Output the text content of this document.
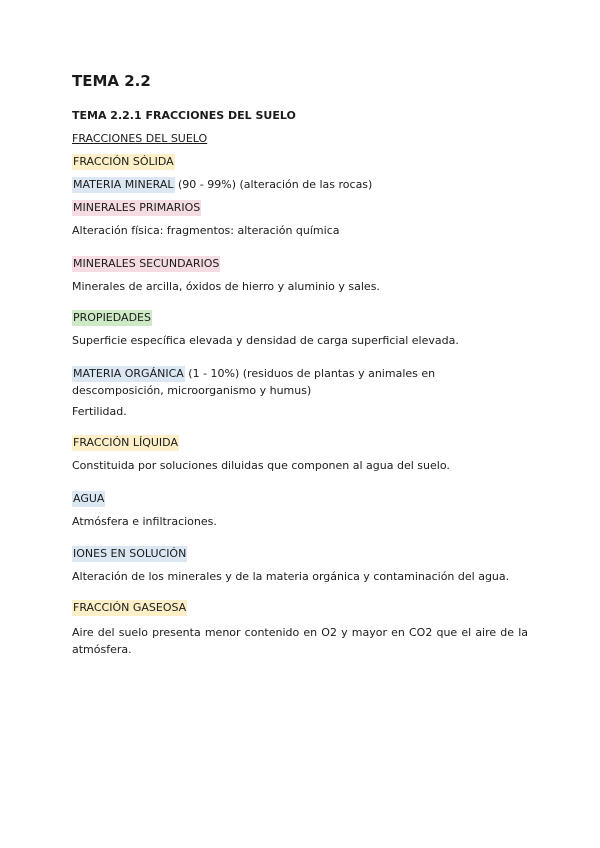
TEMA 2.2
TEMA 2.2.1 FRACCIONES DEL SUELO
FRACCIONES DEL SUELO
FRACCIÓN SÓLIDA
MATERIA MINERAL (90 - 99%) (alteración de las rocas)
MINERALES PRIMARIOS
Alteración física: fragmentos: alteración química
MINERALES SECUNDARIOS
Minerales de arcilla, óxidos de hierro y aluminio y sales.
PROPIEDADES
Superficie específica elevada y densidad de carga superficial elevada.
MATERIA ORGÁNICA (1 - 10%) (residuos de plantas y animales en descomposición, microorganismo y humus)
Fertilidad.
FRACCIÓN LÍQUIDA
Constituida por soluciones diluidas que componen al agua del suelo.
AGUA
Atmósfera e infiltraciones.
IONES EN SOLUCIÓN
Alteración de los minerales y de la materia orgánica y contaminación del agua.
FRACCIÓN GASEOSA
Aire del suelo presenta menor contenido en O2 y mayor en CO2 que el aire de la atmósfera.
